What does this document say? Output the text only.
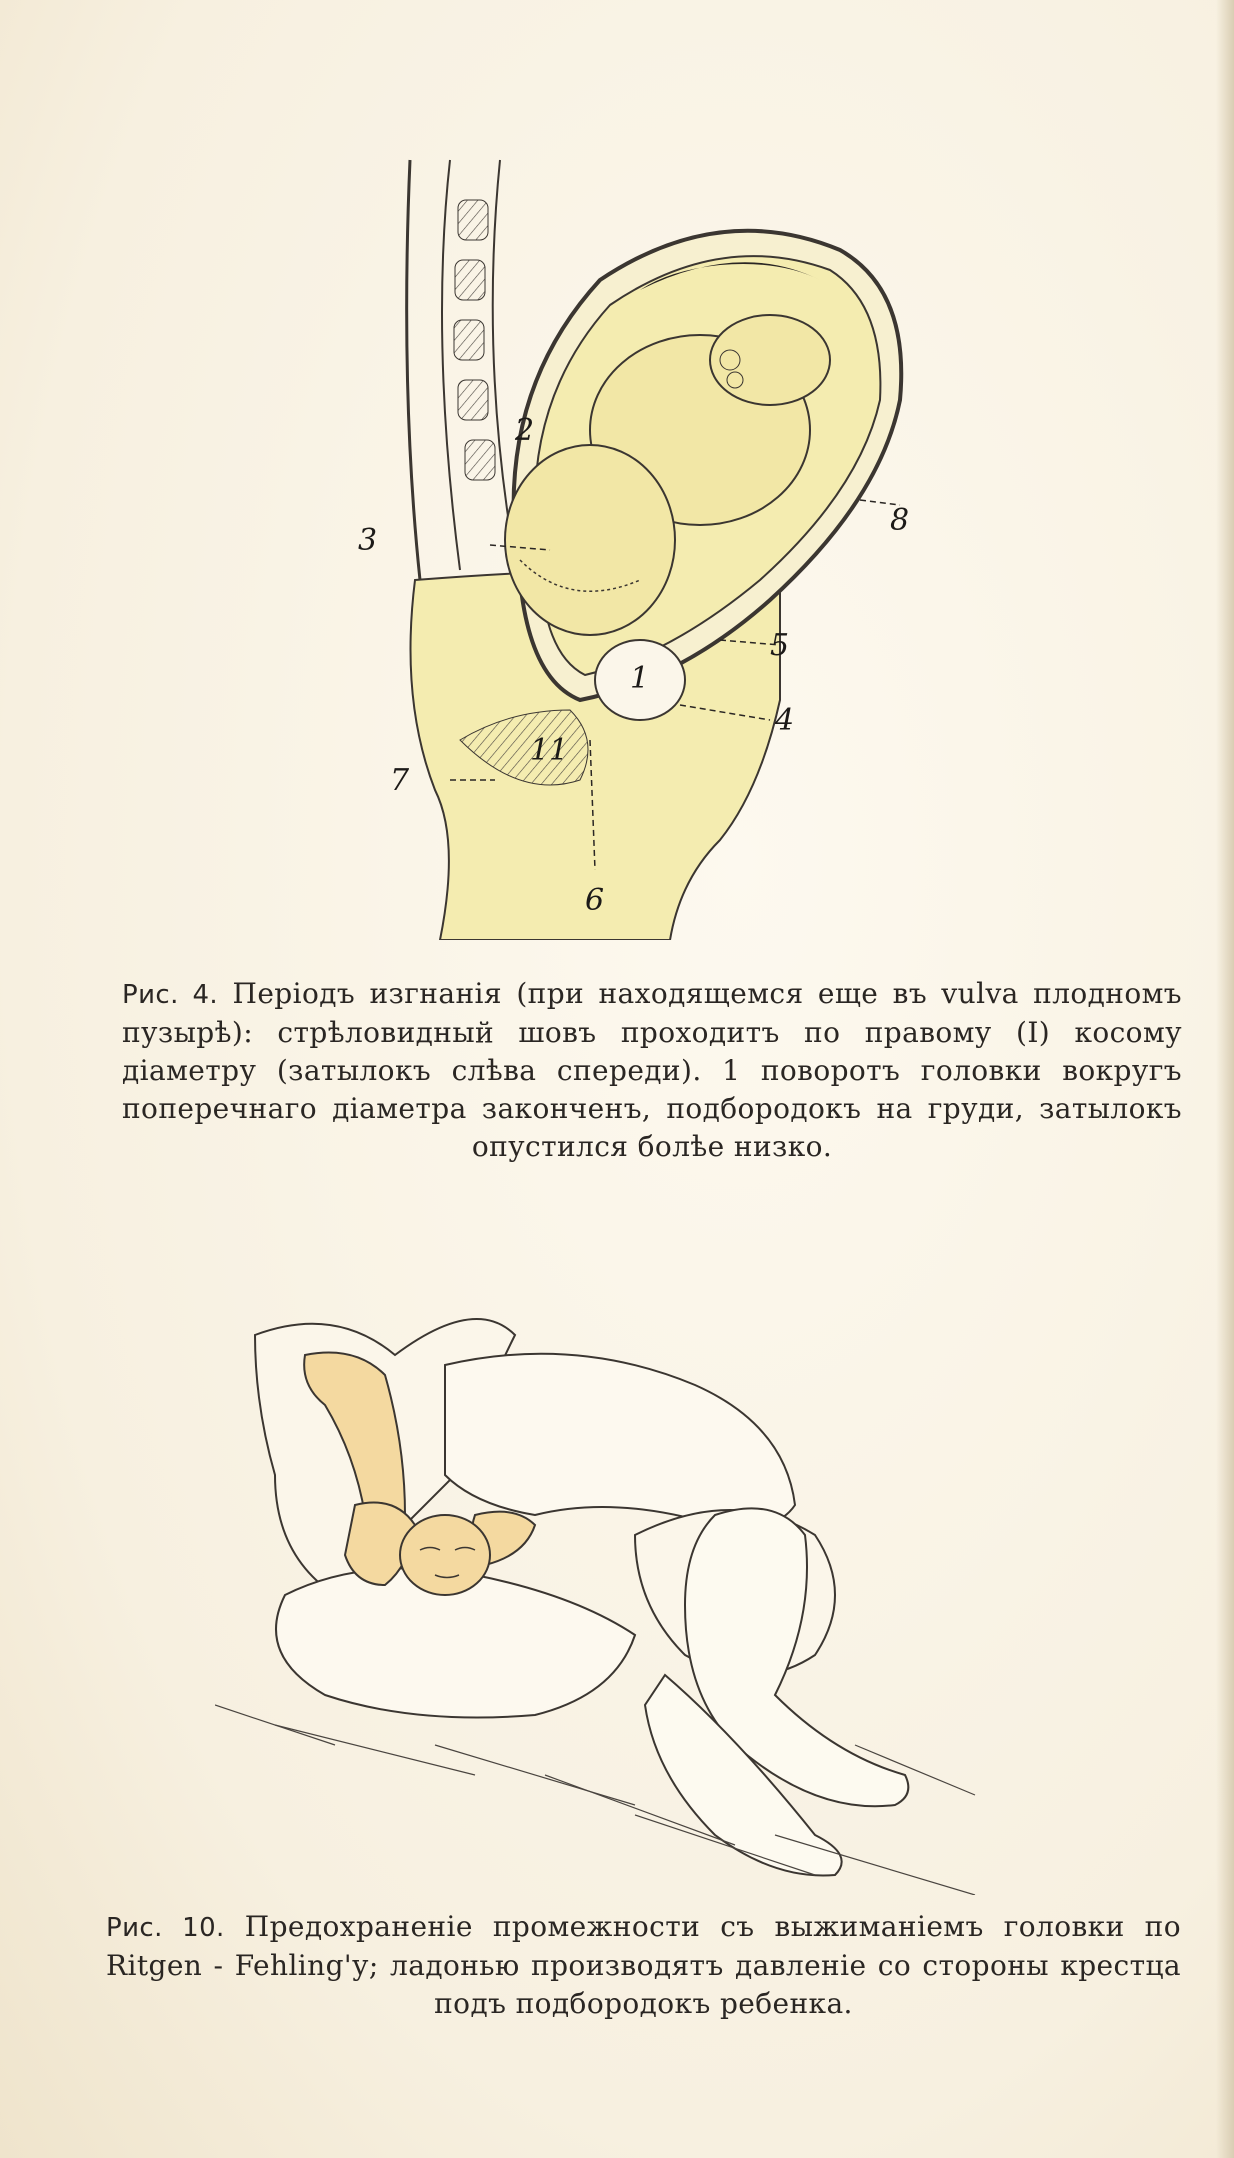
1
2
3
4
5
6
7
8
11
Рис. 4. Періодъ изгнанія (при находящемся еще въ vulva плодномъ пузырѣ): стрѣловидный шовъ проходитъ по правому (I) косому діаметру (затылокъ слѣва спереди). 1 поворотъ головки вокругъ поперечнаго діаметра законченъ, подбородокъ на груди, затылокъ опустился болѣе низко.
Рис. 10. Предохраненіе промежности съ выжиманіемъ головки по Ritgen - Fehling'у; ладонью производятъ давленіе со стороны крестца подъ подбородокъ ребенка.
